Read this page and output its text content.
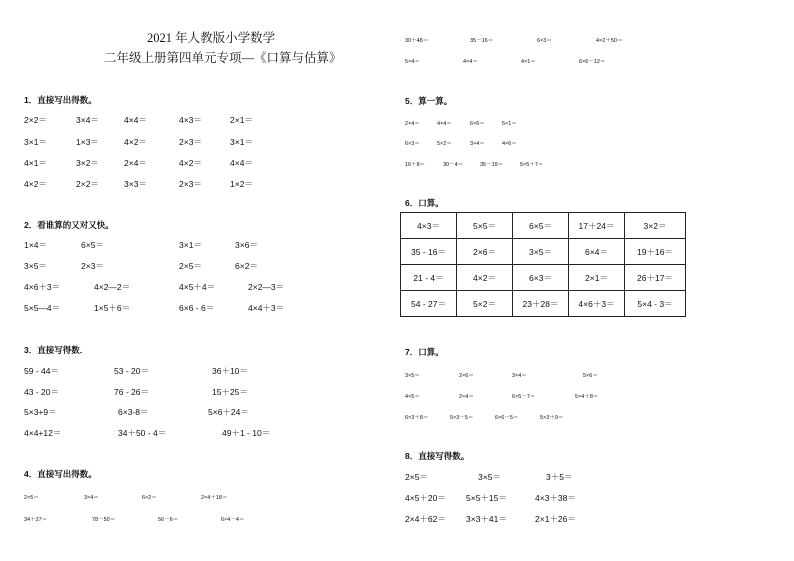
2021 年人教版小学数学
二年级上册第四单元专项—《口算与估算》
1．直接写出得数。
2×2＝	3×4＝	4×4＝	4×3＝	2×1＝
3×1＝	1×3＝	4×2＝	2×3＝	3×1＝
4×1＝	3×2＝	2×4＝	4×2＝	4×4＝
4×2＝	2×2＝	3×3＝	2×3＝	1×2＝
2．看谁算的又对又快。
1×4＝	6×5＝	3×1＝	3×6＝
3×5＝	2×3＝	2×5＝	6×2＝
4×6＋3＝	4×2—2＝	4×5＋4＝	2×2—3＝
5×5—4＝	1×5＋6＝	6×6 - 6＝	4×4＋3＝
3．直接写得数．
59 - 44＝	53 - 20＝	36＋10＝
43 - 20＝	76 - 26＝	15＋25＝
5×3+9＝	6×3-8＝	5×6＋24＝
4×4+12＝	34＋50 - 4＝	49＋1 - 10＝
4．直接写出得数。
2×5＝	3×4＝	6×2＝	2×4＋18＝
34＋27＝	78－50＝	56－6＝	6×4－4＝
30＋48＝	35－16＝	6×3＝	4×2＋50＝
5×4＝	4×4＝	4×1＝	6×6－12＝
5．算一算。
2×4＝	4×4＝	6×6＝	5×1＝
6×3＝	5×2＝	3×4＝	4×6＝
16＋8＝	30－4＝	35－19＝	5×5＋7＝
6．口算。
4×3＝	5×5＝	6×5＝	17＋24＝	3×2＝
35 - 16＝	2×6＝	3×5＝	6×4＝	19＋16＝
21 - 4＝	4×2＝	6×3＝	2×1＝	26＋17＝
54 - 27＝	5×2＝	23＋28＝	4×6＋3＝	5×4 - 3＝
7．口算。
3×5＝	2×6＝	3×4＝	5×6＝
4×5＝	2×4＝	6×5－7＝	5×4＋8＝
6×3＋8＝	5×3－5＝	6×6－5＝	5×3＋9＝
8．直接写得数。
2×5＝	3×5＝	3＋5＝
4×5＋20＝ 5×5＋15＝	4×3＋38＝
2×4＋62＝ 3×3＋41＝	2×1＋26＝
